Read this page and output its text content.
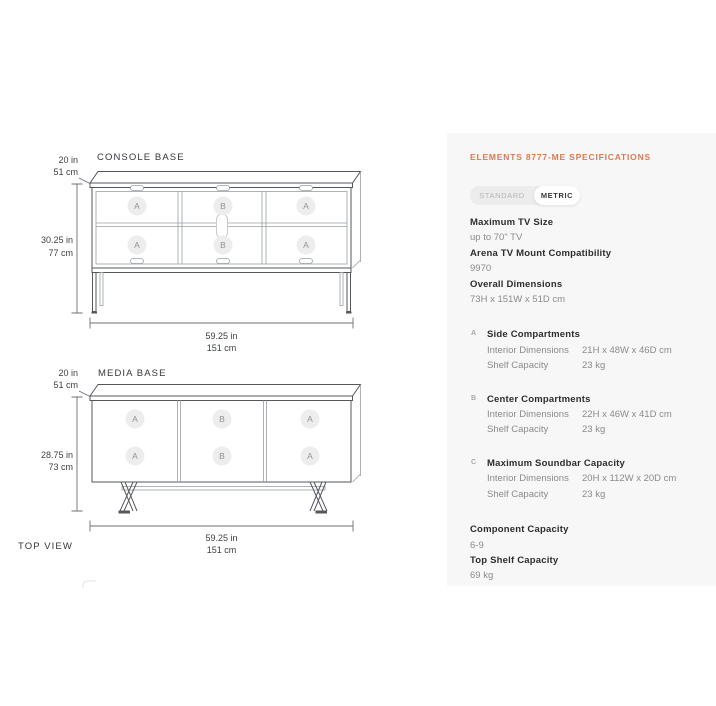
CONSOLE BASE
20 in
51 cm
A	B	A
A	B	A
30.25 in
77 cm
59.25 in
151 cm
MEDIA BASE
20 in
51 cm
A	B	A
A	B	A
28.75 in
73 cm
59.25 in
151 cm
TOP VIEW
ELEMENTS 8777-ME SPECIFICATIONS
STANDARD	METRIC
Maximum TV Size
up to 70" TV
Arena TV Mount Compatibility
9970
Overall Dimensions
73H x 151W x 51D cm
A Side Compartments
Interior Dimensions	21H x 48W x 46D cm
Shelf Capacity	23 kg
B Center Compartments
Interior Dimensions	22H x 46W x 41D cm
Shelf Capacity	23 kg
C Maximum Soundbar Capacity
Interior Dimensions	20H x 112W x 20D cm
Shelf Capacity	23 kg
Component Capacity
6-9
Top Shelf Capacity
69 kg
